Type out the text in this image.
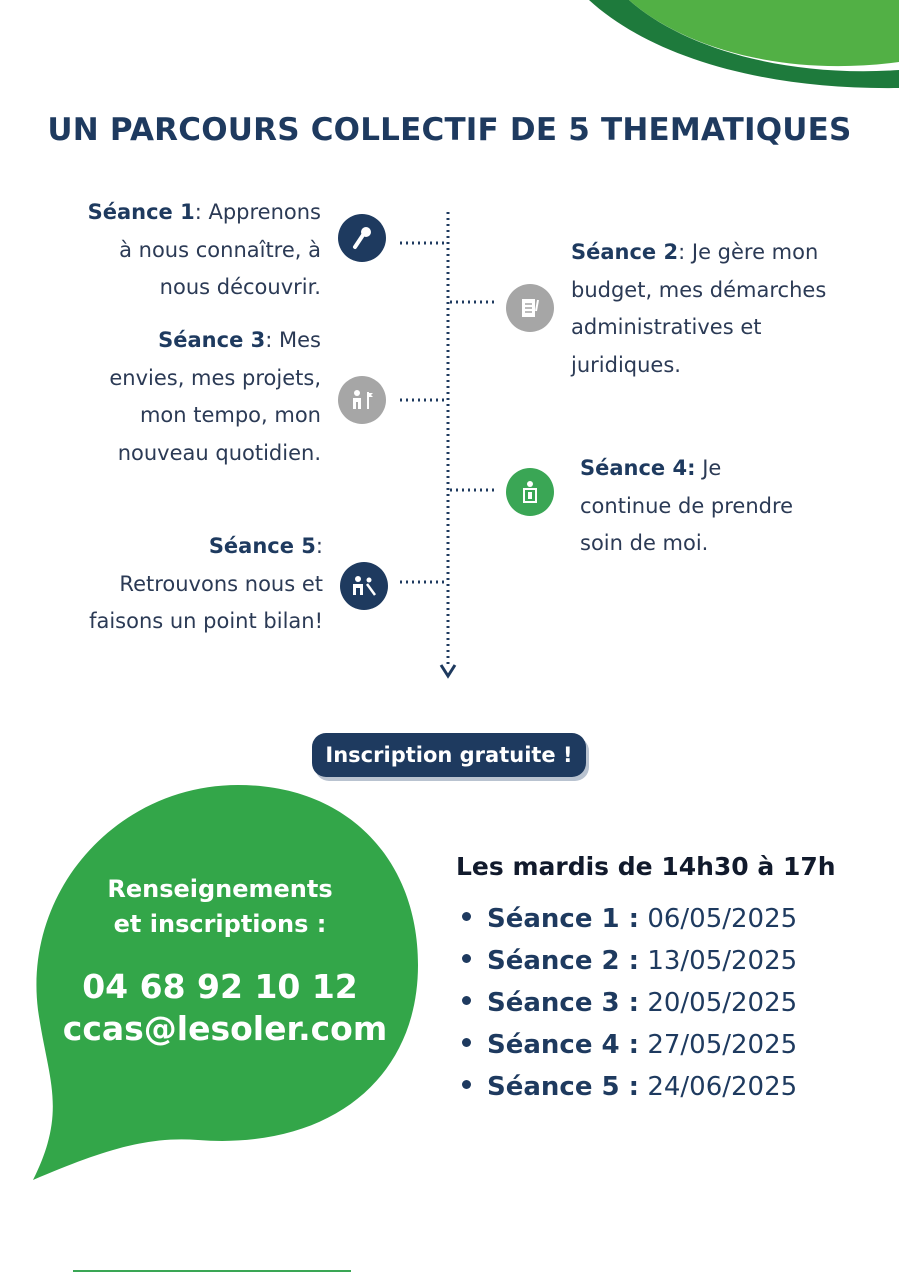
UN PARCOURS COLLECTIF DE 5 THEMATIQUES
Séance 1: Apprenons
à nous connaître, à
nous découvrir.
Séance 2: Je gère mon
budget, mes démarches
administratives et
juridiques.
Séance 3: Mes
envies, mes projets,
mon tempo, mon
nouveau quotidien.
Séance 4: Je
continue de prendre
soin de moi.
Séance 5:
Retrouvons nous et
faisons un point bilan!
Inscription gratuite !
Renseignements
et inscriptions :
04 68 92 10 12
ccas@lesoler.com
Les mardis de 14h30 à 17h
Séance 1 : 06/05/2025
Séance 2 : 13/05/2025
Séance 3 : 20/05/2025
Séance 4 : 27/05/2025
Séance 5 : 24/06/2025
